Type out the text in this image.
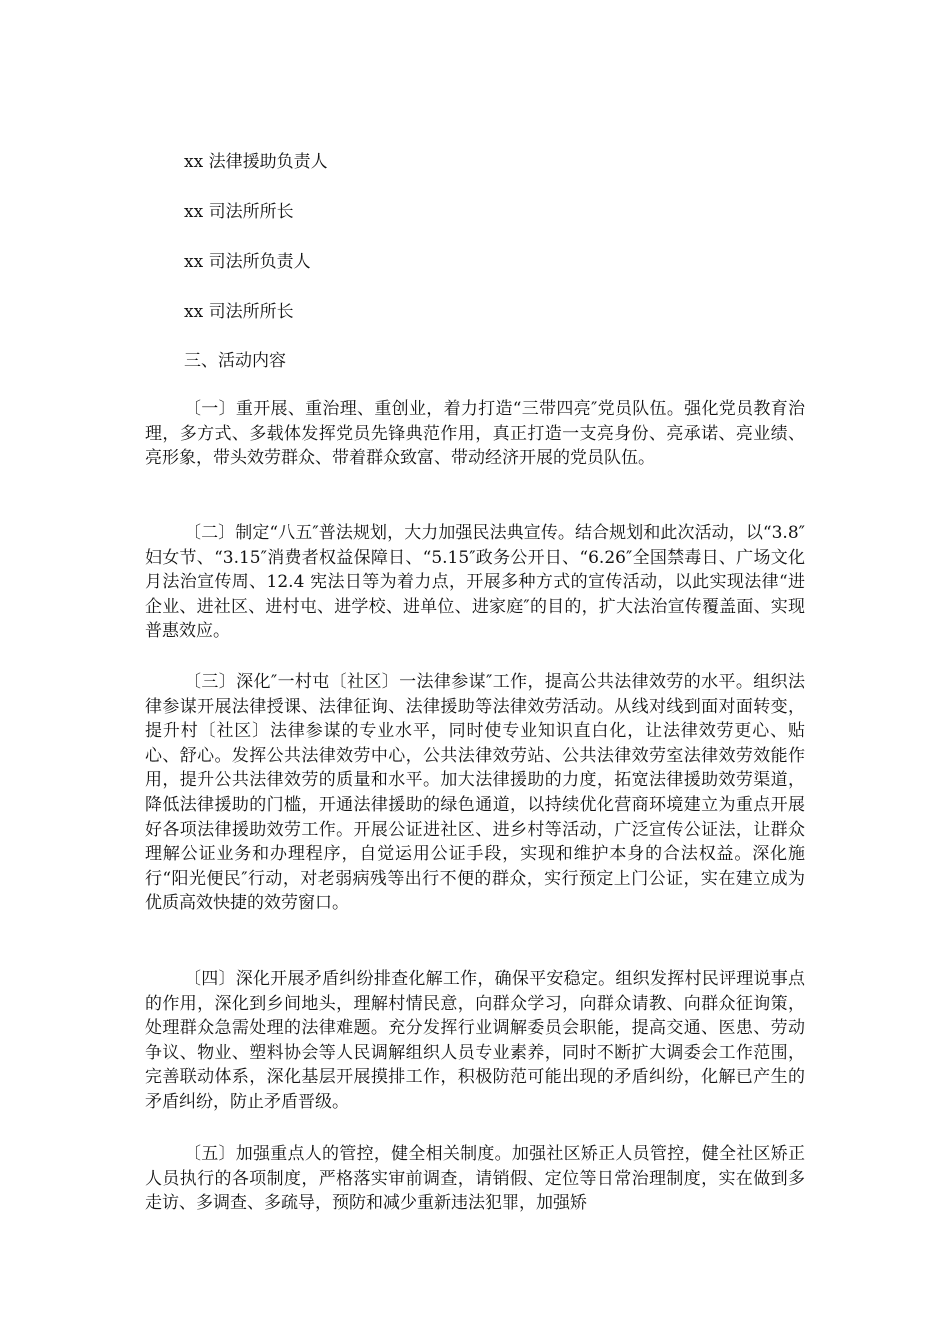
xx 法律援助负责人
xx 司法所所长
xx 司法所负责人
xx 司法所所长
三、活动内容

〔一〕重开展、重治理、重创业，着力打造“三带四亮″党员队伍。强化党员教育治理，多方式、多载体发挥党员先锋典范作用，真正打造一支亮身份、亮承诺、亮业绩、亮形象，带头效劳群众、带着群众致富、带动经济开展的党员队伍。

〔二〕制定“八五″普法规划，大力加强民法典宣传。结合规划和此次活动，以“3.8″妇女节、“3.15″消费者权益保障日、“5.15″政务公开日、“6.26″全国禁毒日、广场文化月法治宣传周、12.4 宪法日等为着力点，开展多种方式的宣传活动，以此实现法律“进企业、进社区、进村屯、进学校、进单位、进家庭″的目的，扩大法治宣传覆盖面、实现普惠效应。

〔三〕深化″一村屯〔社区〕一法律参谋″工作，提高公共法律效劳的水平。组织法律参谋开展法律授课、法律征询、法律援助等法律效劳活动。从线对线到面对面转变，提升村〔社区〕法律参谋的专业水平，同时使专业知识直白化，让法律效劳更心、贴心、舒心。发挥公共法律效劳中心，公共法律效劳站、公共法律效劳室法律效劳效能作用，提升公共法律效劳的质量和水平。加大法律援助的力度，拓宽法律援助效劳渠道，降低法律援助的门槛，开通法律援助的绿色通道，以持续优化营商环境建立为重点开展好各项法律援助效劳工作。开展公证进社区、进乡村等活动，广泛宣传公证法，让群众理解公证业务和办理程序，自觉运用公证手段，实现和维护本身的合法权益。深化施行“阳光便民″行动，对老弱病残等出行不便的群众，实行预定上门公证，实在建立成为优质高效快捷的效劳窗口。

〔四〕深化开展矛盾纠纷排查化解工作，确保平安稳定。组织发挥村民评理说事点的作用，深化到乡间地头，理解村情民意，向群众学习，向群众请教、向群众征询策，处理群众急需处理的法律难题。充分发挥行业调解委员会职能，提高交通、医患、劳动争议、物业、塑料协会等人民调解组织人员专业素养，同时不断扩大调委会工作范围，完善联动体系，深化基层开展摸排工作，积极防范可能出现的矛盾纠纷，化解已产生的矛盾纠纷，防止矛盾晋级。

〔五〕加强重点人的管控，健全相关制度。加强社区矫正人员管控，健全社区矫正人员执行的各项制度，严格落实审前调查，请销假、定位等日常治理制度，实在做到多走访、多调查、多疏导，预防和减少重新违法犯罪，加强矫
